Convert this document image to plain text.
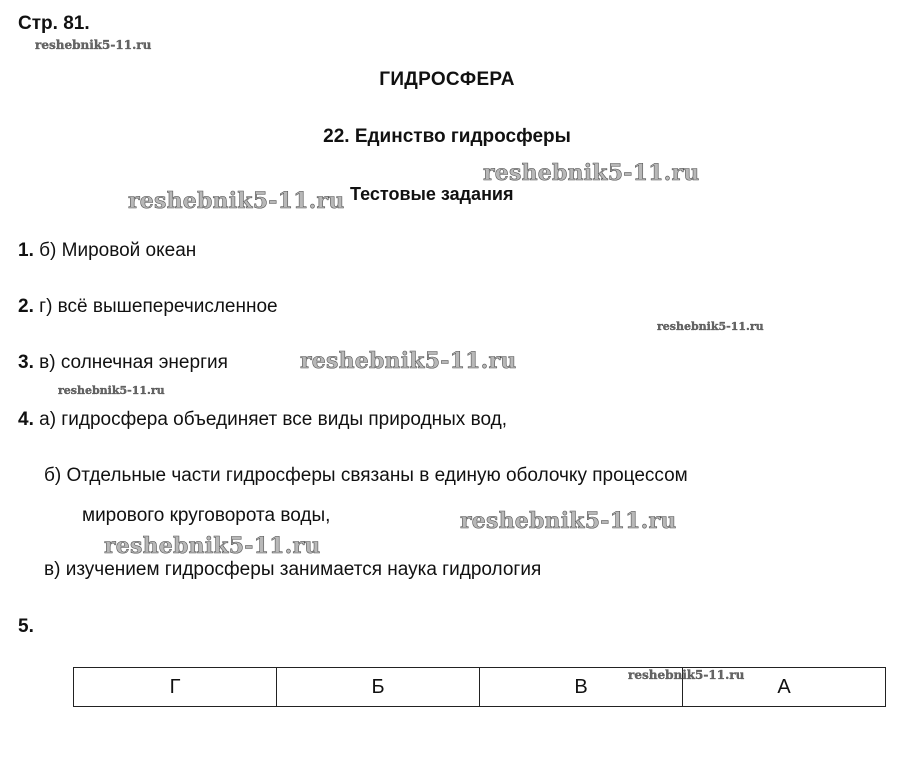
Стр. 81.
reshebnik5-11.ru
ГИДРОСФЕРА
22. Единство гидросферы
reshebnik5-11.ru
reshebnik5-11.ru Тестовые задания
1. б) Мировой океан
2. г) всё вышеперечисленное
reshebnik5-11.ru
3. в) солнечная энергия	reshebnik5-11.ru
reshebnik5-11.ru
4. а) гидросфера объединяет все виды природных вод,
б) Отдельные части гидросферы связаны в единую оболочку процессом
мирового круговорота воды,	reshebnik5-11.ru
reshebnik5-11.ru
в) изучением гидросферы занимается наука гидрология
5.
Г	Б	В	А
reshebnik5-11.ru
